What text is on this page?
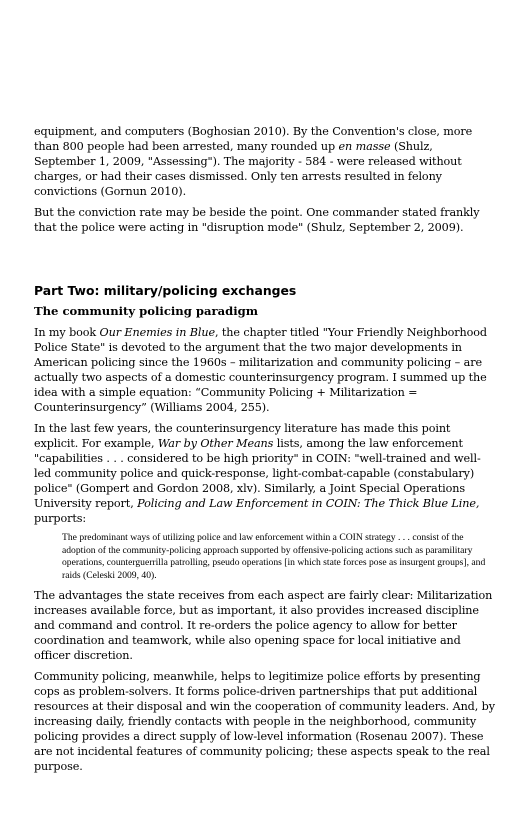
equipment, and computers (Boghosian 2010). By the Convention's close, more than 800 people had been arrested, many rounded up en masse (Shulz, September 1, 2009, "Assessing"). The majority - 584 - were released without charges, or had their cases dismissed. Only ten arrests resulted in felony convictions (Gornun 2010).

But the conviction rate may be beside the point. One commander stated frankly that the police were acting in "disruption mode" (Shulz, September 2, 2009).

Part Two: military/policing exchanges
The community policing paradigm

In my book Our Enemies in Blue, the chapter titled "Your Friendly Neighborhood Police State" is devoted to the argument that the two major developments in American policing since the 1960s – militarization and community policing – are actually two aspects of a domestic counterinsurgency program. I summed up the idea with a simple equation: “Community Policing + Militarization = Counterinsurgency” (Williams 2004, 255).

In the last few years, the counterinsurgency literature has made this point explicit. For example, War by Other Means lists, among the law enforcement "capabilities . . . considered to be high priority" in COIN: "well-trained and well-led community police and quick-response, light-combat-capable (constabulary) police" (Gompert and Gordon 2008, xlv). Similarly, a Joint Special Operations University report, Policing and Law Enforcement in COIN: The Thick Blue Line, purports:

The predominant ways of utilizing police and law enforcement within a COIN strategy . . . consist of the adoption of the community-policing approach supported by offensive-policing actions such as paramilitary operations, counterguerrilla patrolling, pseudo operations [in which state forces pose as insurgent groups], and raids (Celeski 2009, 40).

The advantages the state receives from each aspect are fairly clear: Militarization increases available force, but as important, it also provides increased discipline and command and control. It re-orders the police agency to allow for better coordination and teamwork, while also opening space for local initiative and officer discretion.

Community policing, meanwhile, helps to legitimize police efforts by presenting cops as problem-solvers. It forms police-driven partnerships that put additional resources at their disposal and win the cooperation of community leaders. And, by increasing daily, friendly contacts with people in the neighborhood, community policing provides a direct supply of low-level information (Rosenau 2007). These are not incidental features of community policing; these aspects speak to the real purpose.
